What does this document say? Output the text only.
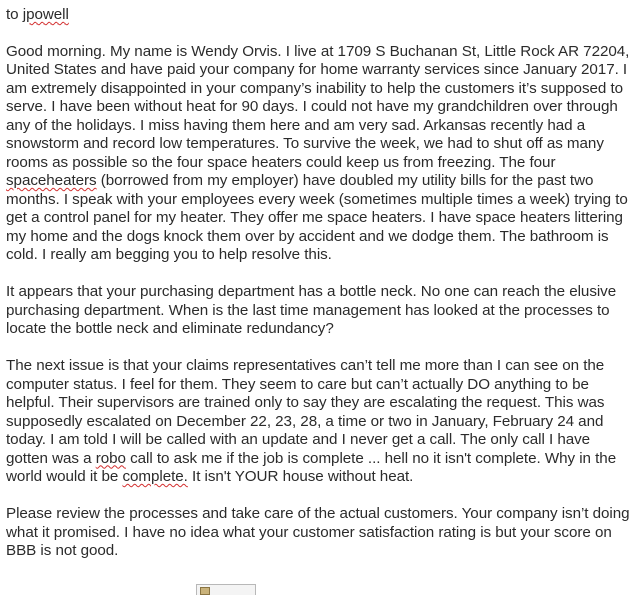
to jpowell
Good morning. My name is Wendy Orvis. I live at 1709 S Buchanan St, Little Rock AR 72204, United States and have paid your company for home warranty services since January 2017. I am extremely disappointed in your company’s inability to help the customers it’s supposed to serve. I have been without heat for 90 days. I could not have my grandchildren over through any of the holidays. I miss having them here and am very sad. Arkansas recently had a snowstorm and record low temperatures. To survive the week, we had to shut off as many rooms as possible so the four space heaters could keep us from freezing. The four spaceheaters (borrowed from my employer) have doubled my utility bills for the past two months. I speak with your employees every week (sometimes multiple times a week) trying to get a control panel for my heater. They offer me space heaters. I have space heaters littering my home and the dogs knock them over by accident and we dodge them. The bathroom is cold. I really am begging you to help resolve this.
It appears that your purchasing department has a bottle neck. No one can reach the elusive purchasing department. When is the last time management has looked at the processes to locate the bottle neck and eliminate redundancy?
The next issue is that your claims representatives can’t tell me more than I can see on the computer status. I feel for them. They seem to care but can’t actually DO anything to be helpful. Their supervisors are trained only to say they are escalating the request. This was supposedly escalated on December 22, 23, 28, a time or two in January, February 24 and today. I am told I will be called with an update and I never get a call. The only call I have gotten was a robo call to ask me if the job is complete ... hell no it isn't complete. Why in the world would it be complete. It isn't YOUR house without heat.
Please review the processes and take care of the actual customers. Your company isn’t doing what it promised. I have no idea what your customer satisfaction rating is but your score on BBB is not good.
